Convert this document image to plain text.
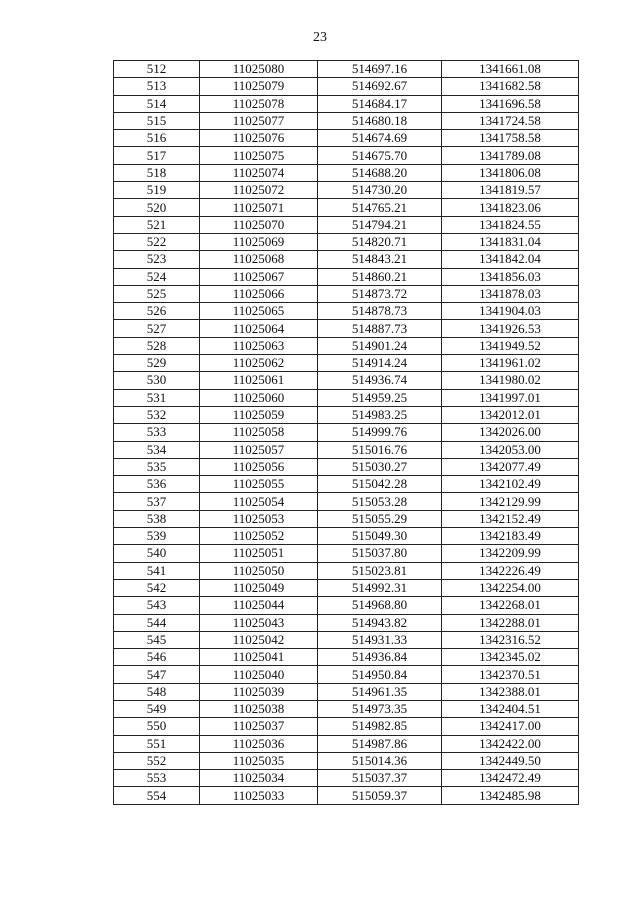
23
512	11025080	514697.16	1341661.08
513	11025079	514692.67	1341682.58
514	11025078	514684.17	1341696.58
515	11025077	514680.18	1341724.58
516	11025076	514674.69	1341758.58
517	11025075	514675.70	1341789.08
518	11025074	514688.20	1341806.08
519	11025072	514730.20	1341819.57
520	11025071	514765.21	1341823.06
521	11025070	514794.21	1341824.55
522	11025069	514820.71	1341831.04
523	11025068	514843.21	1341842.04
524	11025067	514860.21	1341856.03
525	11025066	514873.72	1341878.03
526	11025065	514878.73	1341904.03
527	11025064	514887.73	1341926.53
528	11025063	514901.24	1341949.52
529	11025062	514914.24	1341961.02
530	11025061	514936.74	1341980.02
531	11025060	514959.25	1341997.01
532	11025059	514983.25	1342012.01
533	11025058	514999.76	1342026.00
534	11025057	515016.76	1342053.00
535	11025056	515030.27	1342077.49
536	11025055	515042.28	1342102.49
537	11025054	515053.28	1342129.99
538	11025053	515055.29	1342152.49
539	11025052	515049.30	1342183.49
540	11025051	515037.80	1342209.99
541	11025050	515023.81	1342226.49
542	11025049	514992.31	1342254.00
543	11025044	514968.80	1342268.01
544	11025043	514943.82	1342288.01
545	11025042	514931.33	1342316.52
546	11025041	514936.84	1342345.02
547	11025040	514950.84	1342370.51
548	11025039	514961.35	1342388.01
549	11025038	514973.35	1342404.51
550	11025037	514982.85	1342417.00
551	11025036	514987.86	1342422.00
552	11025035	515014.36	1342449.50
553	11025034	515037.37	1342472.49
554	11025033	515059.37	1342485.98
